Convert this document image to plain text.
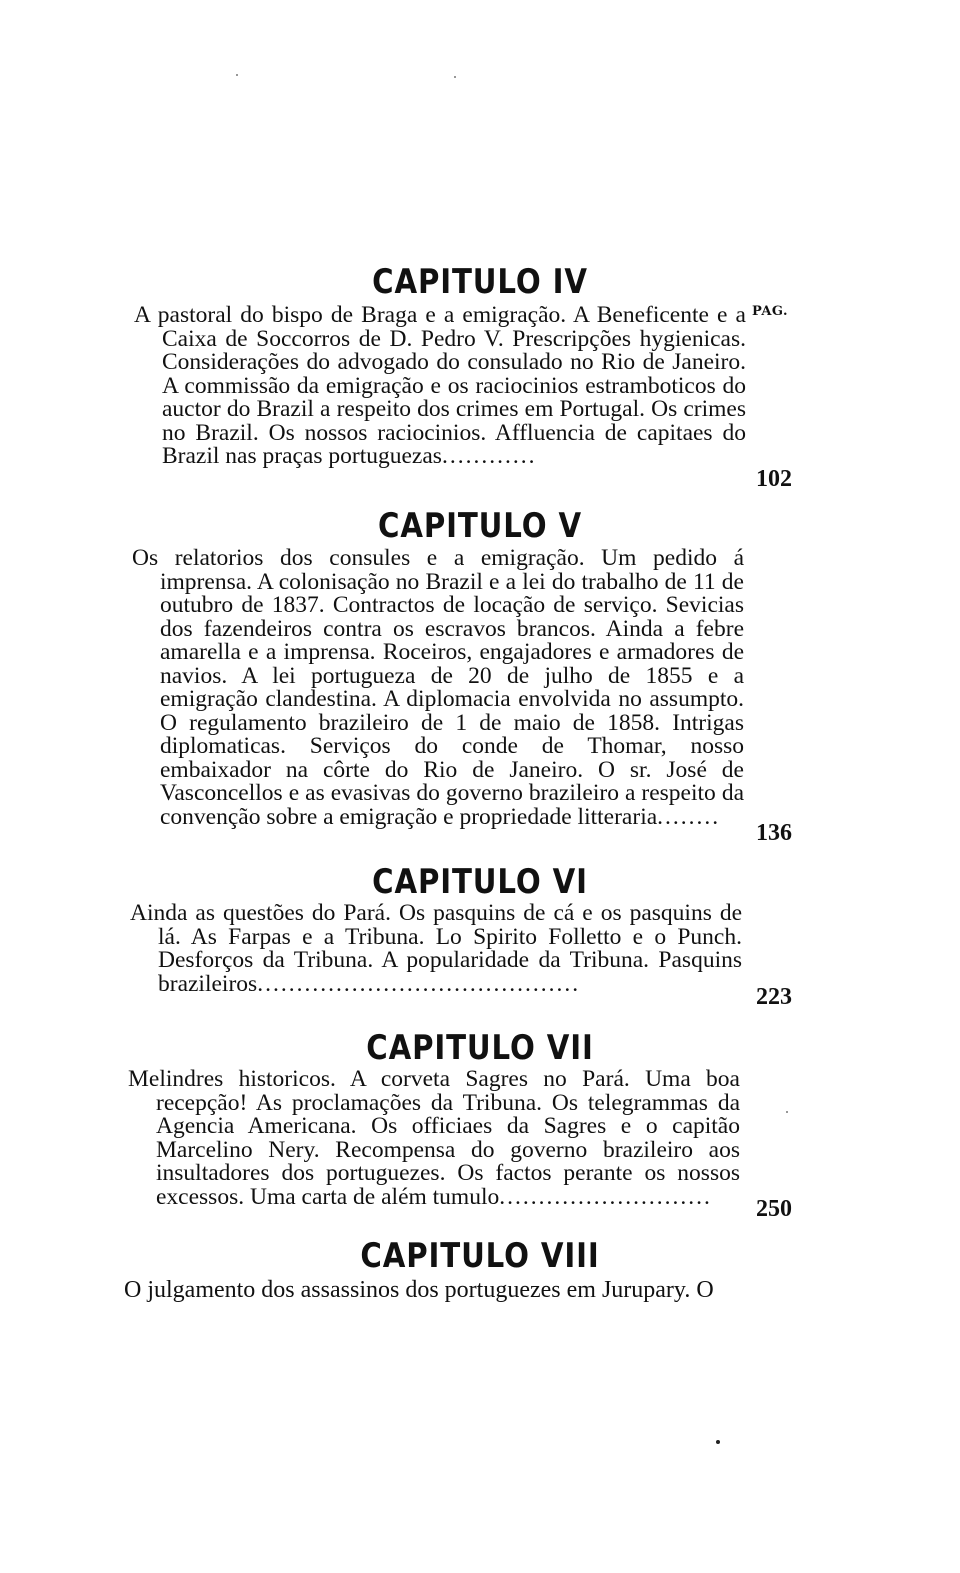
CAPITULO IV
PAG.

A pastoral do bispo de Braga e a emigração. A Beneficente e a Caixa de Soccorros de D. Pedro V. Prescripções hygienicas. Considerações do advogado do consulado no Rio de Janeiro. A commissão da emigração e os raciocinios estrambοticos do auctor do Brazil a respeito dos crimes em Portugal. Os crimes no Brazil. Os nossos raciocinios. Affluencia de capitaes do Brazil nas praças portuguezas............

102
CAPITULO V

Os relatorios dos consules e a emigração. Um pedido á imprensa. A colonisação no Brazil e a lei do trabalho de 11 de outubro de 1837. Contractos de locação de serviço. Sevicias dos fazendeiros contra os escravos brancos. Ainda a febre amarella e a imprensa. Roceiros, engajadores e armadores de navios. A lei portugueza de 20 de julho de 1855 e a emigração clandestina. A diplomacia envolvida no assumpto. O regulamento brazileiro de 1 de maio de 1858. Intrigas diplomaticas. Serviços do conde de Thomar, nosso embaixador na côrte do Rio de Janeiro. O sr. José de Vasconcellos e as evasivas do governo brazileiro a respeito da convenção sobre a emigração e propriedade litteraria........

136
CAPITULO VI

Ainda as questões do Pará. Os pasquins de cá e os pasquins de lá. As Farpas e a Tribuna. Lo Spirito Folletto e o Punch. Desforços da Tribuna. A popularidade da Tribuna. Pasquins brazileiros.........................................

223
CAPITULO VII

Melindres historicos. A corveta Sagres no Pará. Uma boa recepção! As proclamações da Tribuna. Os telegrammas da Agencia Americana. Os officiaes da Sagres e o capitão Marcelino Nery. Recompensa do governo brazileiro aos insultadores dos portuguezes. Os factos perante os nossos excessos. Uma carta de além tumulo...........................	250
CAPITULO VIII
O julgamento dos assassinos dos portuguezes em Jurupary. O
